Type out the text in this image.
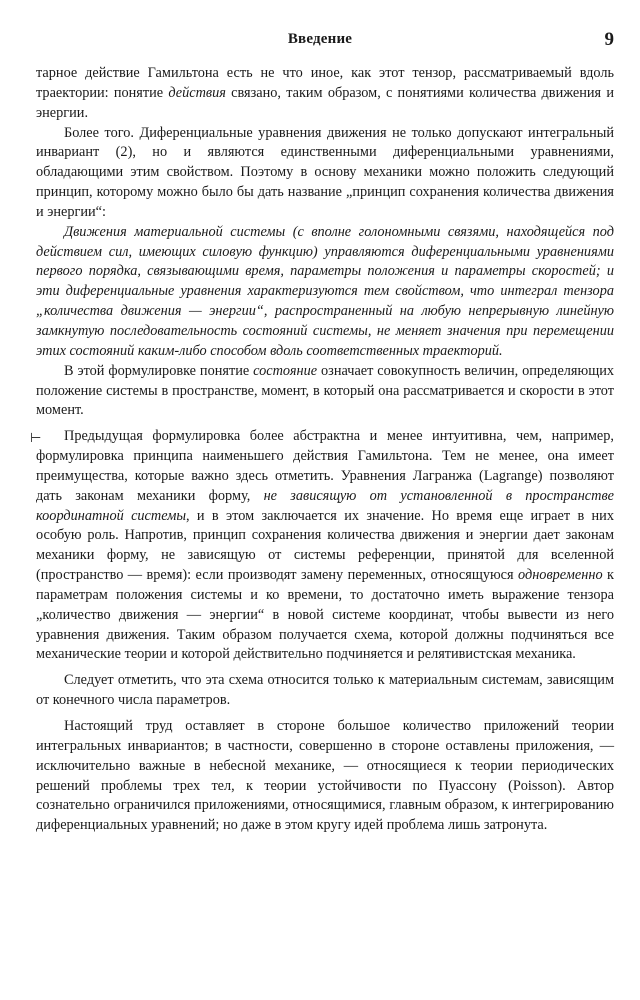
Введение	9
⊢

тарное действие Гамильтона есть не что иное, как этот тензор, рассматриваемый вдоль траектории: понятие действия связано, таким образом, с понятиями количества движения и энергии.

Более того. Диференциальные уравнения движения не только допускают интегральный инвариант (2), но и являются единственными диференциальными уравнениями, обладающими этим свойством. Поэтому в основу механики можно положить следующий принцип, которому можно было бы дать название „принцип сохранения количества движения и энергии“:

Движения материальной системы (с вполне голономными связями, находящейся под действием сил, имеющих силовую функцию) управляются диференциальными уравнениями первого порядка, связывающими время, параметры положения и параметры скоростей; и эти диференциальные уравнения характеризуются тем свойством, что интеграл тензора „количества движения — энергии“, распространенный на любую непрерывную линейную замкнутую последовательность состояний системы, не меняет значения при перемещении этих состояний каким-либо способом вдоль соответственных траекторий.

В этой формулировке понятие состояние означает совокупность величин, определяющих положение системы в пространстве, момент, в который она рассматривается и скорости в этот момент.

Предыдущая формулировка более абстрактна и менее интуитивна, чем, например, формулировка принципа наименьшего действия Гамильтона. Тем не менее, она имеет преимущества, которые важно здесь отметить. Уравнения Лагранжа (Lagrange) позволяют дать законам механики форму, не зависящую от установленной в пространстве координатной системы, и в этом заключается их значение. Но время еще играет в них особую роль. Напротив, принцип сохранения количества движения и энергии дает законам механики форму, не зависящую от системы референции, принятой для вселенной (пространство — время): если производят замену переменных, относящуюся одновременно к параметрам положения системы и ко времени, то достаточно иметь выражение тензора „количество движения — энергии“ в новой системе координат, чтобы вывести из него уравнения движения. Таким образом получается схема, которой должны подчиняться все механические теории и которой действительно подчиняется и релятивистская механика.

Следует отметить, что эта схема относится только к материальным системам, зависящим от конечного числа параметров.

Настоящий труд оставляет в стороне большое количество приложений теории интегральных инвариантов; в частности, совершенно в стороне оставлены приложения, — исключительно важные в небесной механике, — относящиеся к теории периодических решений проблемы трех тел, к теории устойчивости по Пуассону (Poisson). Автор сознательно ограничился приложениями, относящимися, главным образом, к интегрированию диференциальных уравнений; но даже в этом кругу идей проблема лишь затронута.
